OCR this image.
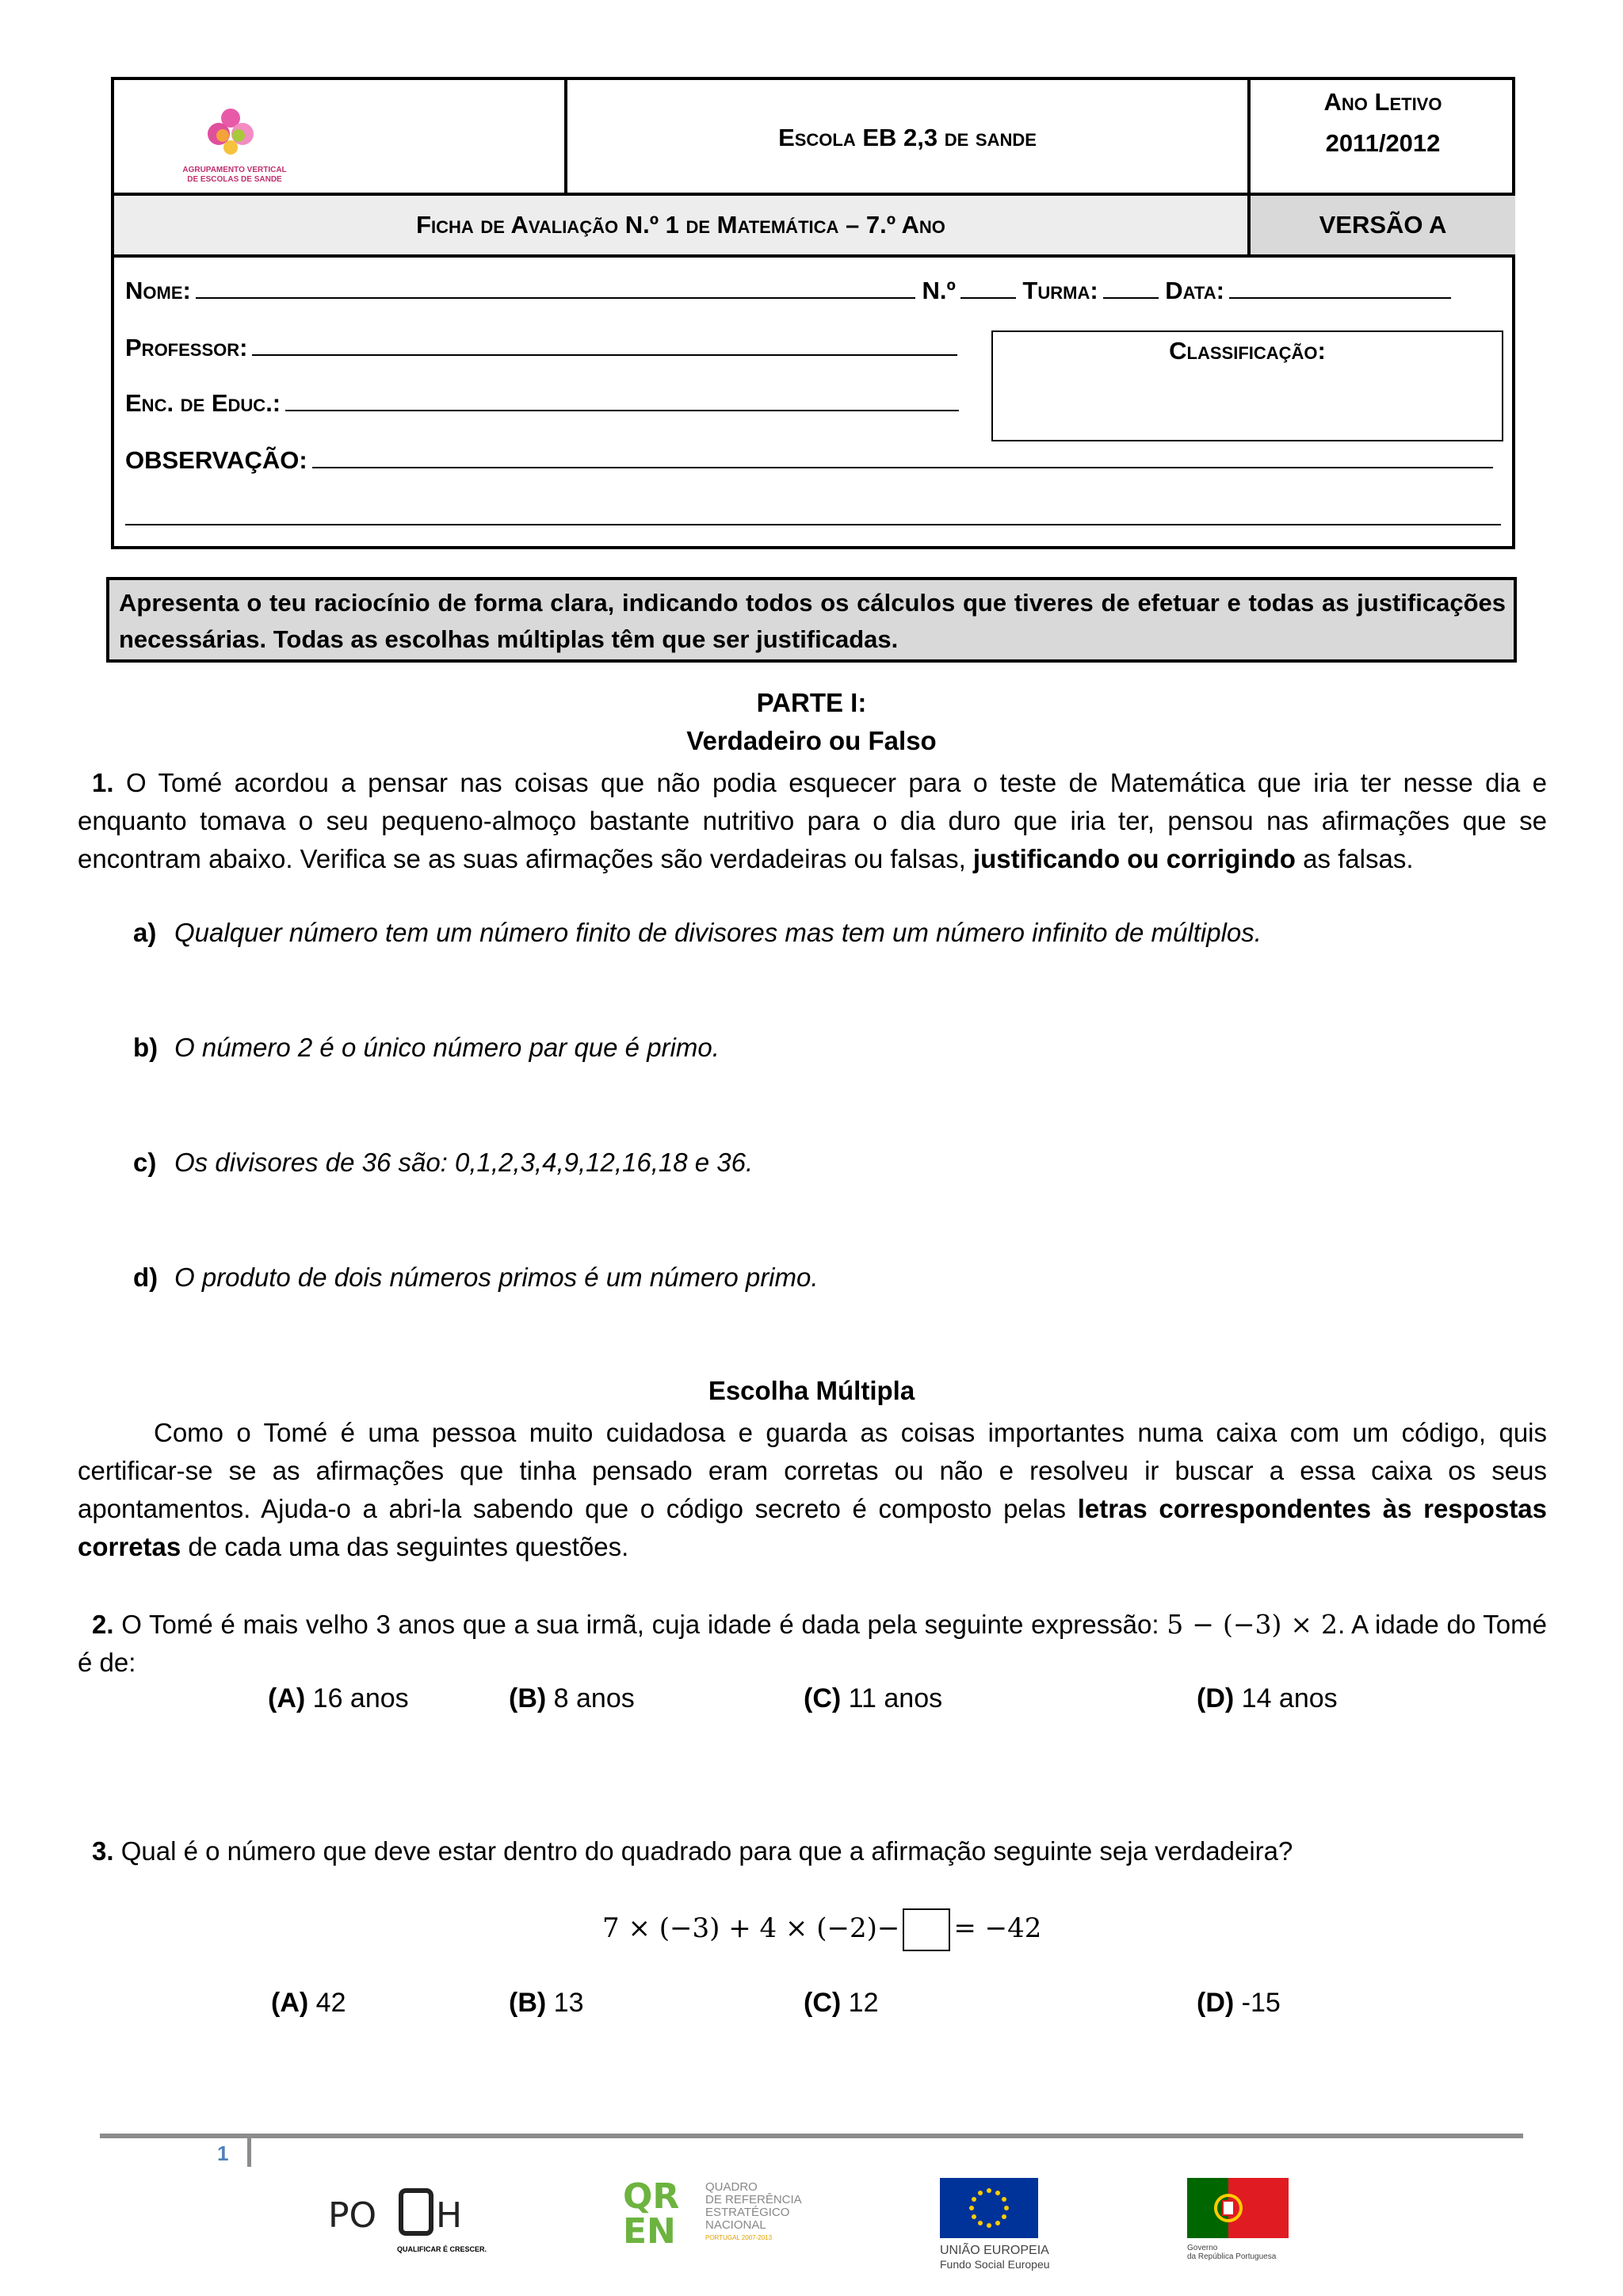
AGRUPAMENTO VERTICAL
DE ESCOLAS DE SANDE
Escola EB 2,3 de sande
Ano Letivo
2011/2012
Ficha de Avaliação N.º 1 de Matemática – 7.º Ano	VERSÃO A
Nome:	N.º	Turma:	Data:
Professor:
Enc. de Educ.:
Classificação:
OBSERVAÇÃO:
Apresenta o teu raciocínio de forma clara, indicando todos os cálculos que tiveres de efetuar e todas as justificações necessárias. Todas as escolhas múltiplas têm que ser justificadas.
PARTE I:
Verdadeiro ou Falso
1. O Tomé acordou a pensar nas coisas que não podia esquecer para o teste de Matemática que iria ter nesse dia e enquanto tomava o seu pequeno-almoço bastante nutritivo para o dia duro que iria ter, pensou nas afirmações que se encontram abaixo. Verifica se as suas afirmações são verdadeiras ou falsas, justificando ou corrigindo as falsas.
a) Qualquer número tem um número finito de divisores mas tem um número infinito de múltiplos.
b) O número 2 é o único número par que é primo.
c) Os divisores de 36 são: 0,1,2,3,4,9,12,16,18 e 36.
d) O produto de dois números primos é um número primo.
Escolha Múltipla
Como o Tomé é uma pessoa muito cuidadosa e guarda as coisas importantes numa caixa com um código, quis certificar-se se as afirmações que tinha pensado eram corretas ou não e resolveu ir buscar a essa caixa os seus apontamentos. Ajuda-o a abri-la sabendo que o código secreto é composto pelas letras correspondentes às respostas corretas de cada uma das seguintes questões.
2. O Tomé é mais velho 3 anos que a sua irmã, cuja idade é dada pela seguinte expressão: 5 − (−3) × 2. A idade do Tomé é de:
(A) 16 anos	(B) 8 anos	(C) 11 anos	(D) 14 anos
3. Qual é o número que deve estar dentro do quadrado para que a afirmação seguinte seja verdadeira?
7 × (−3) + 4 × (−2)− = −42
(A) 42	(B) 13	(C) 12	(D) -15
1
PO H
QUALIFICAR É CRESCER.
QR
EN
QUADRO
DE REFERÊNCIA
ESTRATÉGICO
NACIONAL
PORTUGAL 2007-2013
UNIÃO EUROPEIA
Fundo Social Europeu
Governo
da República Portuguesa
